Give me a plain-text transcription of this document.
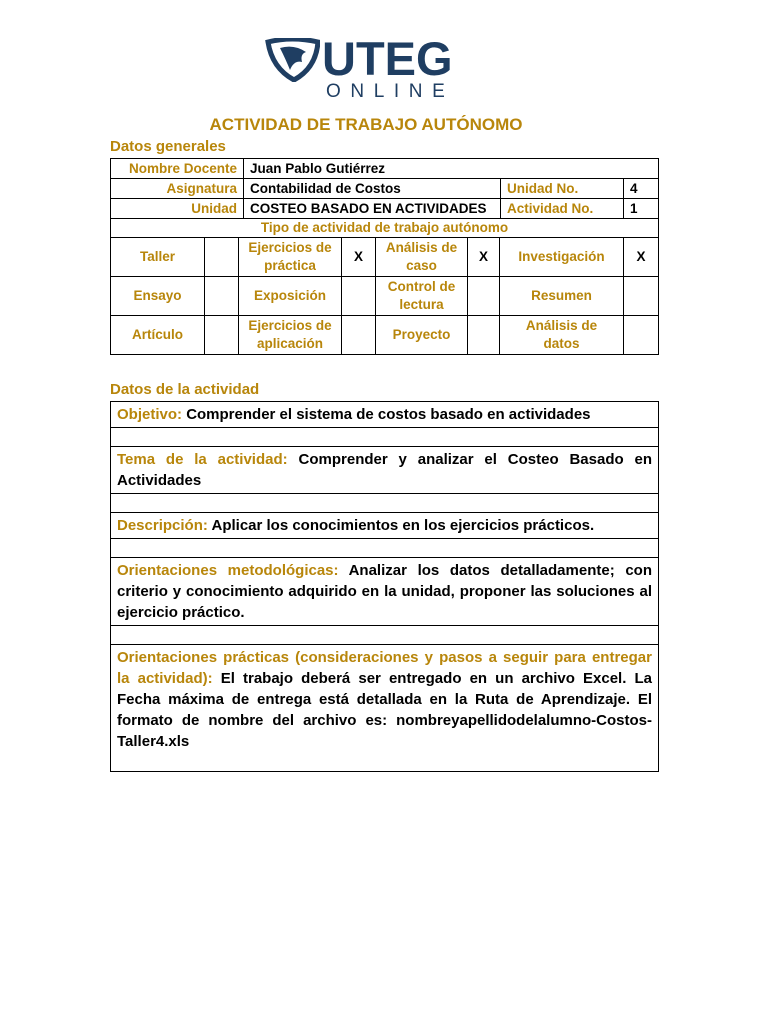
UTEG
ONLINE
ACTIVIDAD DE TRABAJO AUTÓNOMO
Datos generales
Nombre Docente	Juan Pablo Gutiérrez		
Asignatura	Contabilidad de Costos	Unidad No.	4
Unidad	COSTEO BASADO EN ACTIVIDADES	Actividad No.	1
Tipo de actividad de trabajo autónomo							
Taller		Ejercicios de práctica	X	Análisis de caso	X	Investigación	X
Ensayo		Exposición		Control de lectura		Resumen	
Artículo		Ejercicios de aplicación		Proyecto		Análisis de datos	
Datos de la actividad
Objetivo: Comprender el sistema de costos basado en actividades

Tema de la actividad: Comprender y analizar el Costeo Basado en Actividades

Descripción: Aplicar los conocimientos en los ejercicios prácticos.

Orientaciones metodológicas: Analizar los datos detalladamente; con criterio y conocimiento adquirido en la unidad, proponer las soluciones al ejercicio práctico.

Orientaciones prácticas (consideraciones y pasos a seguir para entregar la actividad): El trabajo deberá ser entregado en un archivo Excel. La Fecha máxima de entrega está detallada en la Ruta de Aprendizaje. El formato de nombre del archivo es: nombreyapellidodelalumno-Costos-Taller4.xls
